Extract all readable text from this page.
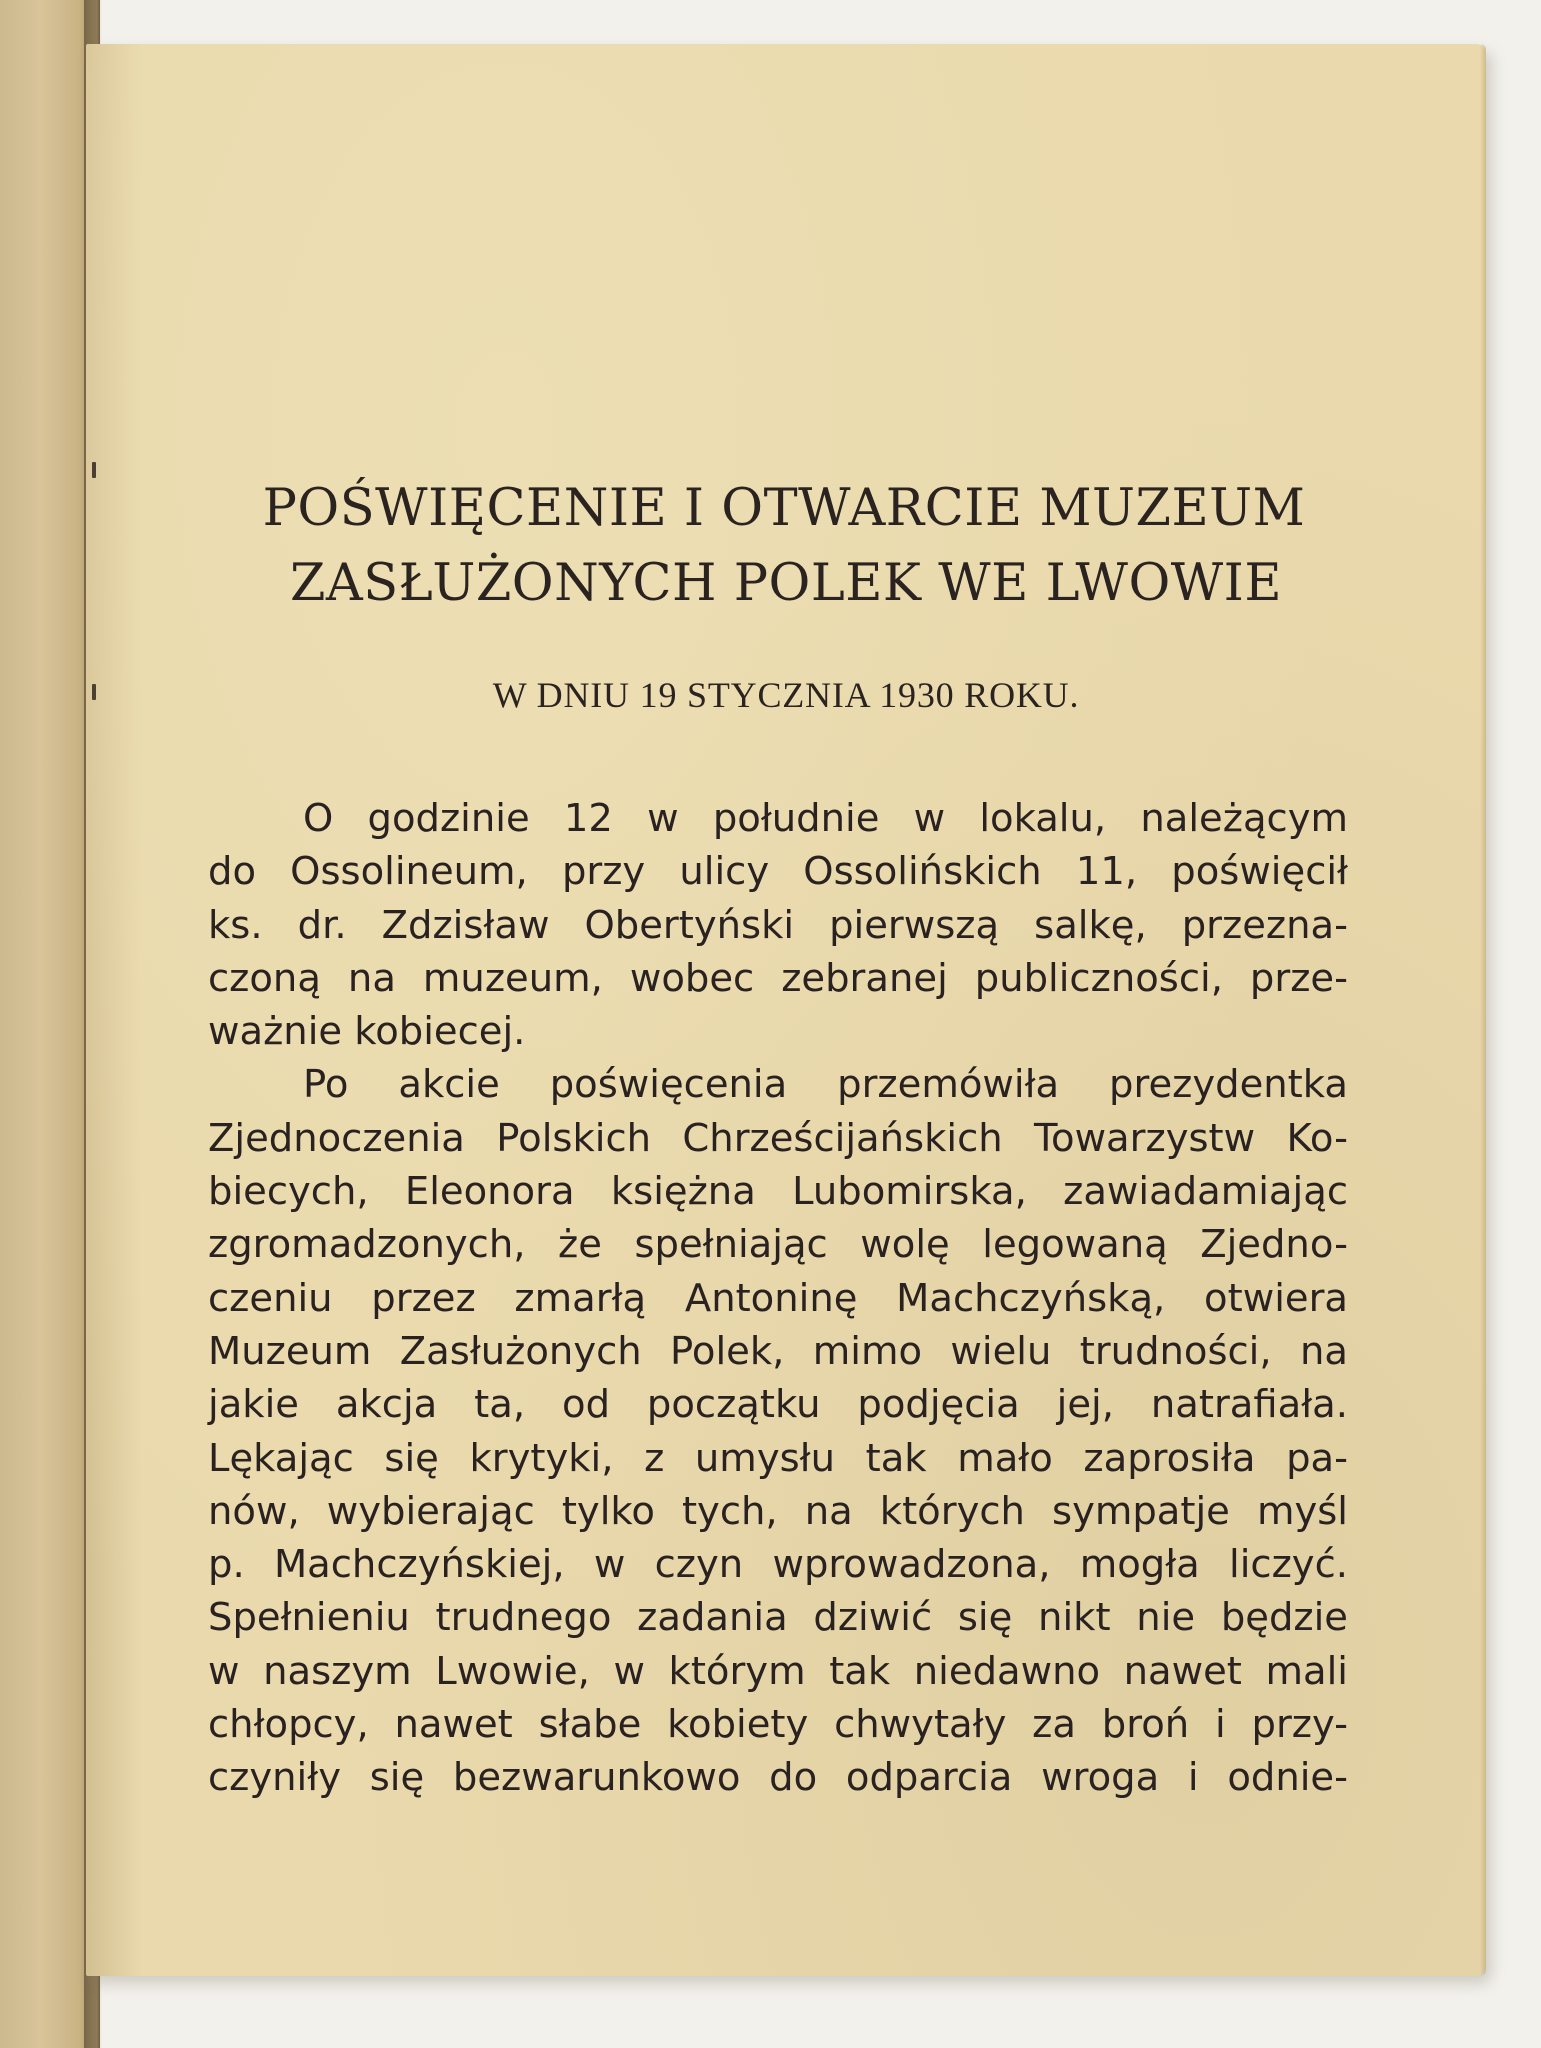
POŚWIĘCENIE I OTWARCIE MUZEUM
ZASŁUŻONYCH POLEK WE LWOWIE

W DNIU 19 STYCZNIA 1930 ROKU.

O godzinie 12 w południe w lokalu, należącym
do Ossolineum, przy ulicy Ossolińskich 11, poświęcił
ks. dr. Zdzisław Obertyński pierwszą salkę, przezna-
czoną na muzeum, wobec zebranej publiczności, prze-
ważnie kobiecej.
Po akcie poświęcenia przemówiła prezydentka
Zjednoczenia Polskich Chrześcijańskich Towarzystw Ko-
biecych, Eleonora księżna Lubomirska, zawiadamiając
zgromadzonych, że spełniając wolę legowaną Zjedno-
czeniu przez zmarłą Antoninę Machczyńską, otwiera
Muzeum Zasłużonych Polek, mimo wielu trudności, na
jakie akcja ta, od początku podjęcia jej, natrafiała.
Lękając się krytyki, z umysłu tak mało zaprosiła pa-
nów, wybierając tylko tych, na których sympatje myśl
p. Machczyńskiej, w czyn wprowadzona, mogła liczyć.
Spełnieniu trudnego zadania dziwić się nikt nie będzie
w naszym Lwowie, w którym tak niedawno nawet mali
chłopcy, nawet słabe kobiety chwytały za broń i przy-
czyniły się bezwarunkowo do odparcia wroga i odnie-
